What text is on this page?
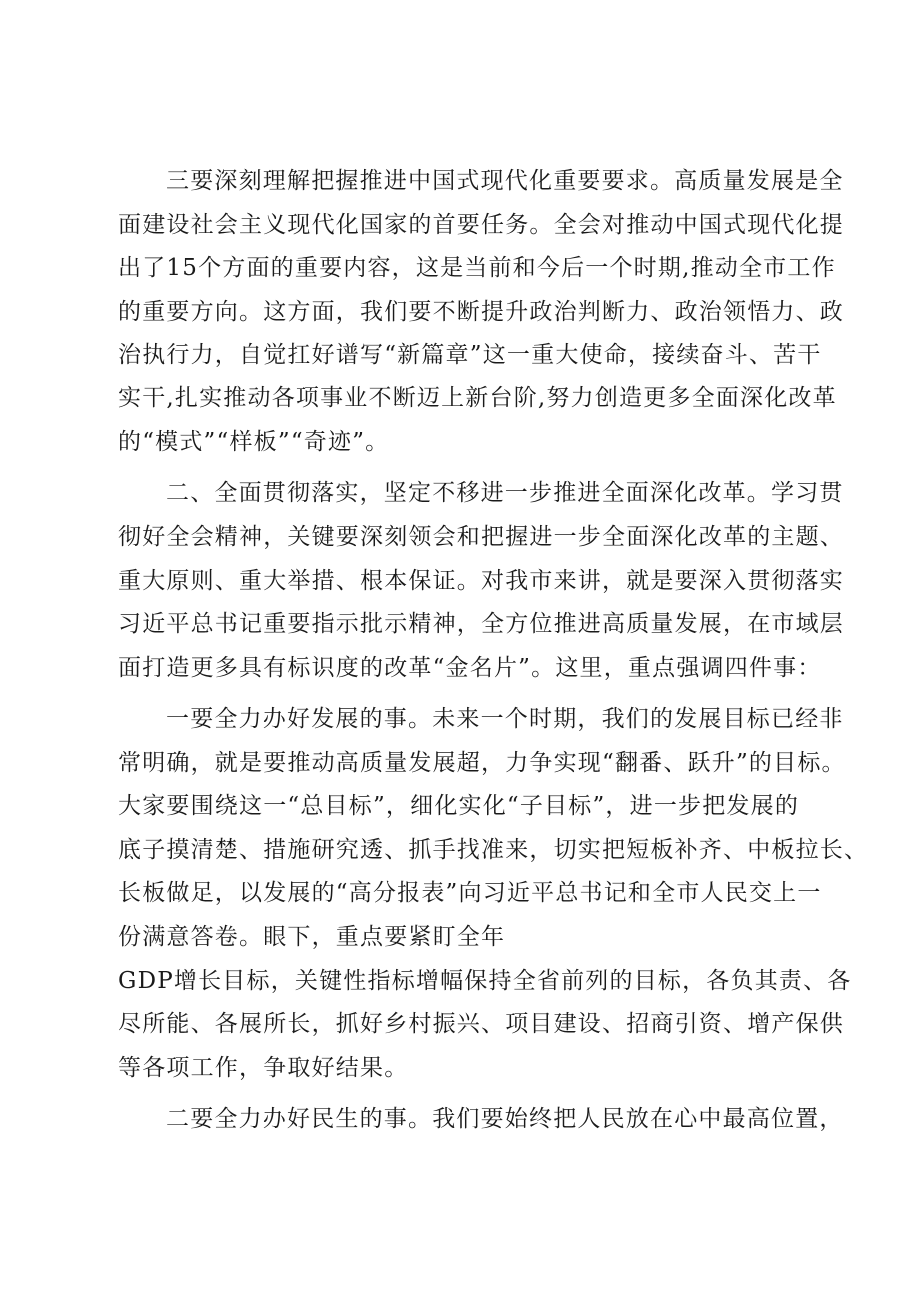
三要深刻理解把握推进中国式现代化重要要求。高质量发展是全
面建设社会主义现代化国家的首要任务。全会对推动中国式现代化提
出了15个方面的重要内容，这是当前和今后一个时期,推动全市工作
的重要方向。这方面，我们要不断提升政治判断力、政治领悟力、政
治执行力，自觉扛好谱写“新篇章”这一重大使命，接续奋斗、苦干
实干,扎实推动各项事业不断迈上新台阶,努力创造更多全面深化改革
的“模式”“样板”“奇迹”。
二、全面贯彻落实，坚定不移进一步推进全面深化改革。学习贯
彻好全会精神，关键要深刻领会和把握进一步全面深化改革的主题、
重大原则、重大举措、根本保证。对我市来讲，就是要深入贯彻落实
习近平总书记重要指示批示精神，全方位推进高质量发展，在市域层
面打造更多具有标识度的改革“金名片”。这里，重点强调四件事：
一要全力办好发展的事。未来一个时期，我们的发展目标已经非
常明确，就是要推动高质量发展超，力争实现“翻番、跃升”的目标。
大家要围绕这一“总目标”，细化实化“子目标”，进一步把发展的
底子摸清楚、措施研究透、抓手找准来，切实把短板补齐、中板拉长、
长板做足，以发展的“高分报表”向习近平总书记和全市人民交上一
份满意答卷。眼下，重点要紧盯全年
GDP增长目标，关键性指标增幅保持全省前列的目标，各负其责、各
尽所能、各展所长，抓好乡村振兴、项目建设、招商引资、增产保供
等各项工作，争取好结果。
二要全力办好民生的事。我们要始终把人民放在心中最高位置，
